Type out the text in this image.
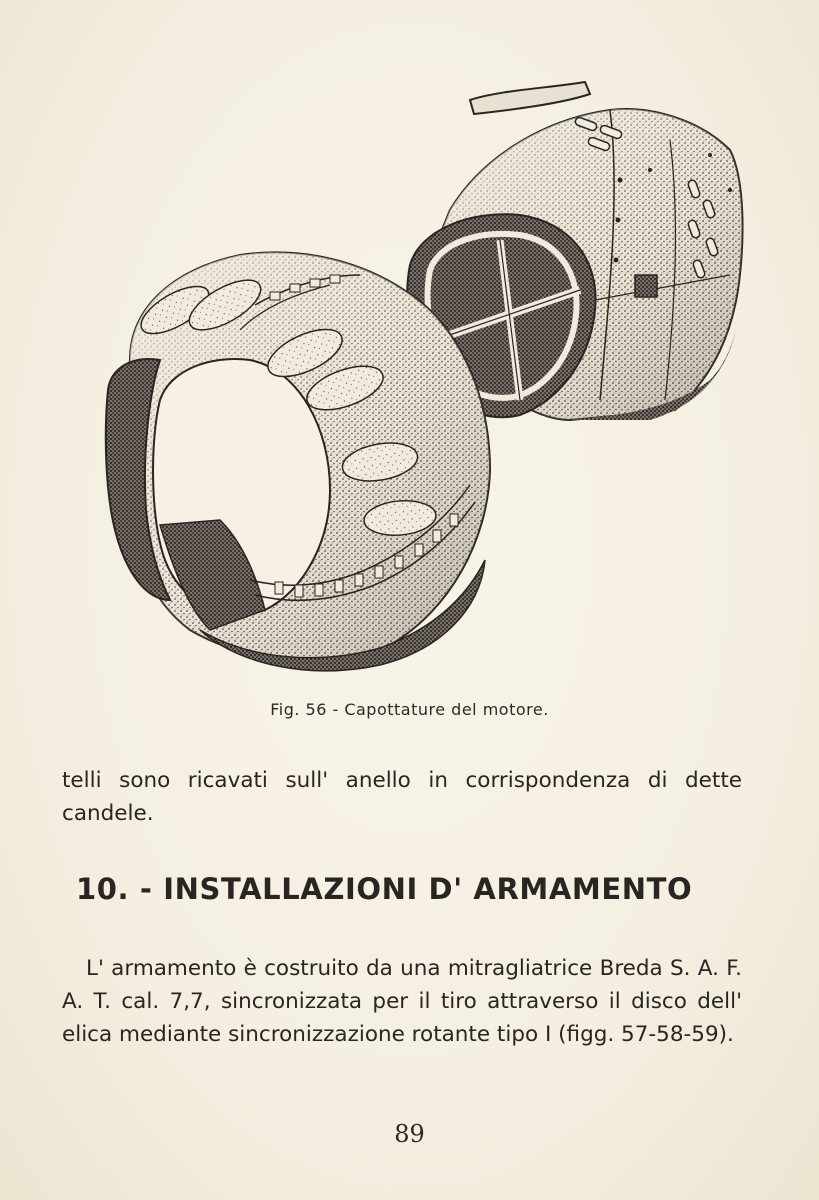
Fig. 56 - Capottature del motore.

telli sono ricavati sull' anello in corrispondenza di dette candele.

10. - INSTALLAZIONI D' ARMAMENTO

L' armamento è costruito da una mitragliatrice Breda S. A. F. A. T. cal. 7,7, sincronizzata per il tiro attraverso il disco dell' elica mediante sincronizzazione rotante tipo I (figg. 57-58-59).

89
